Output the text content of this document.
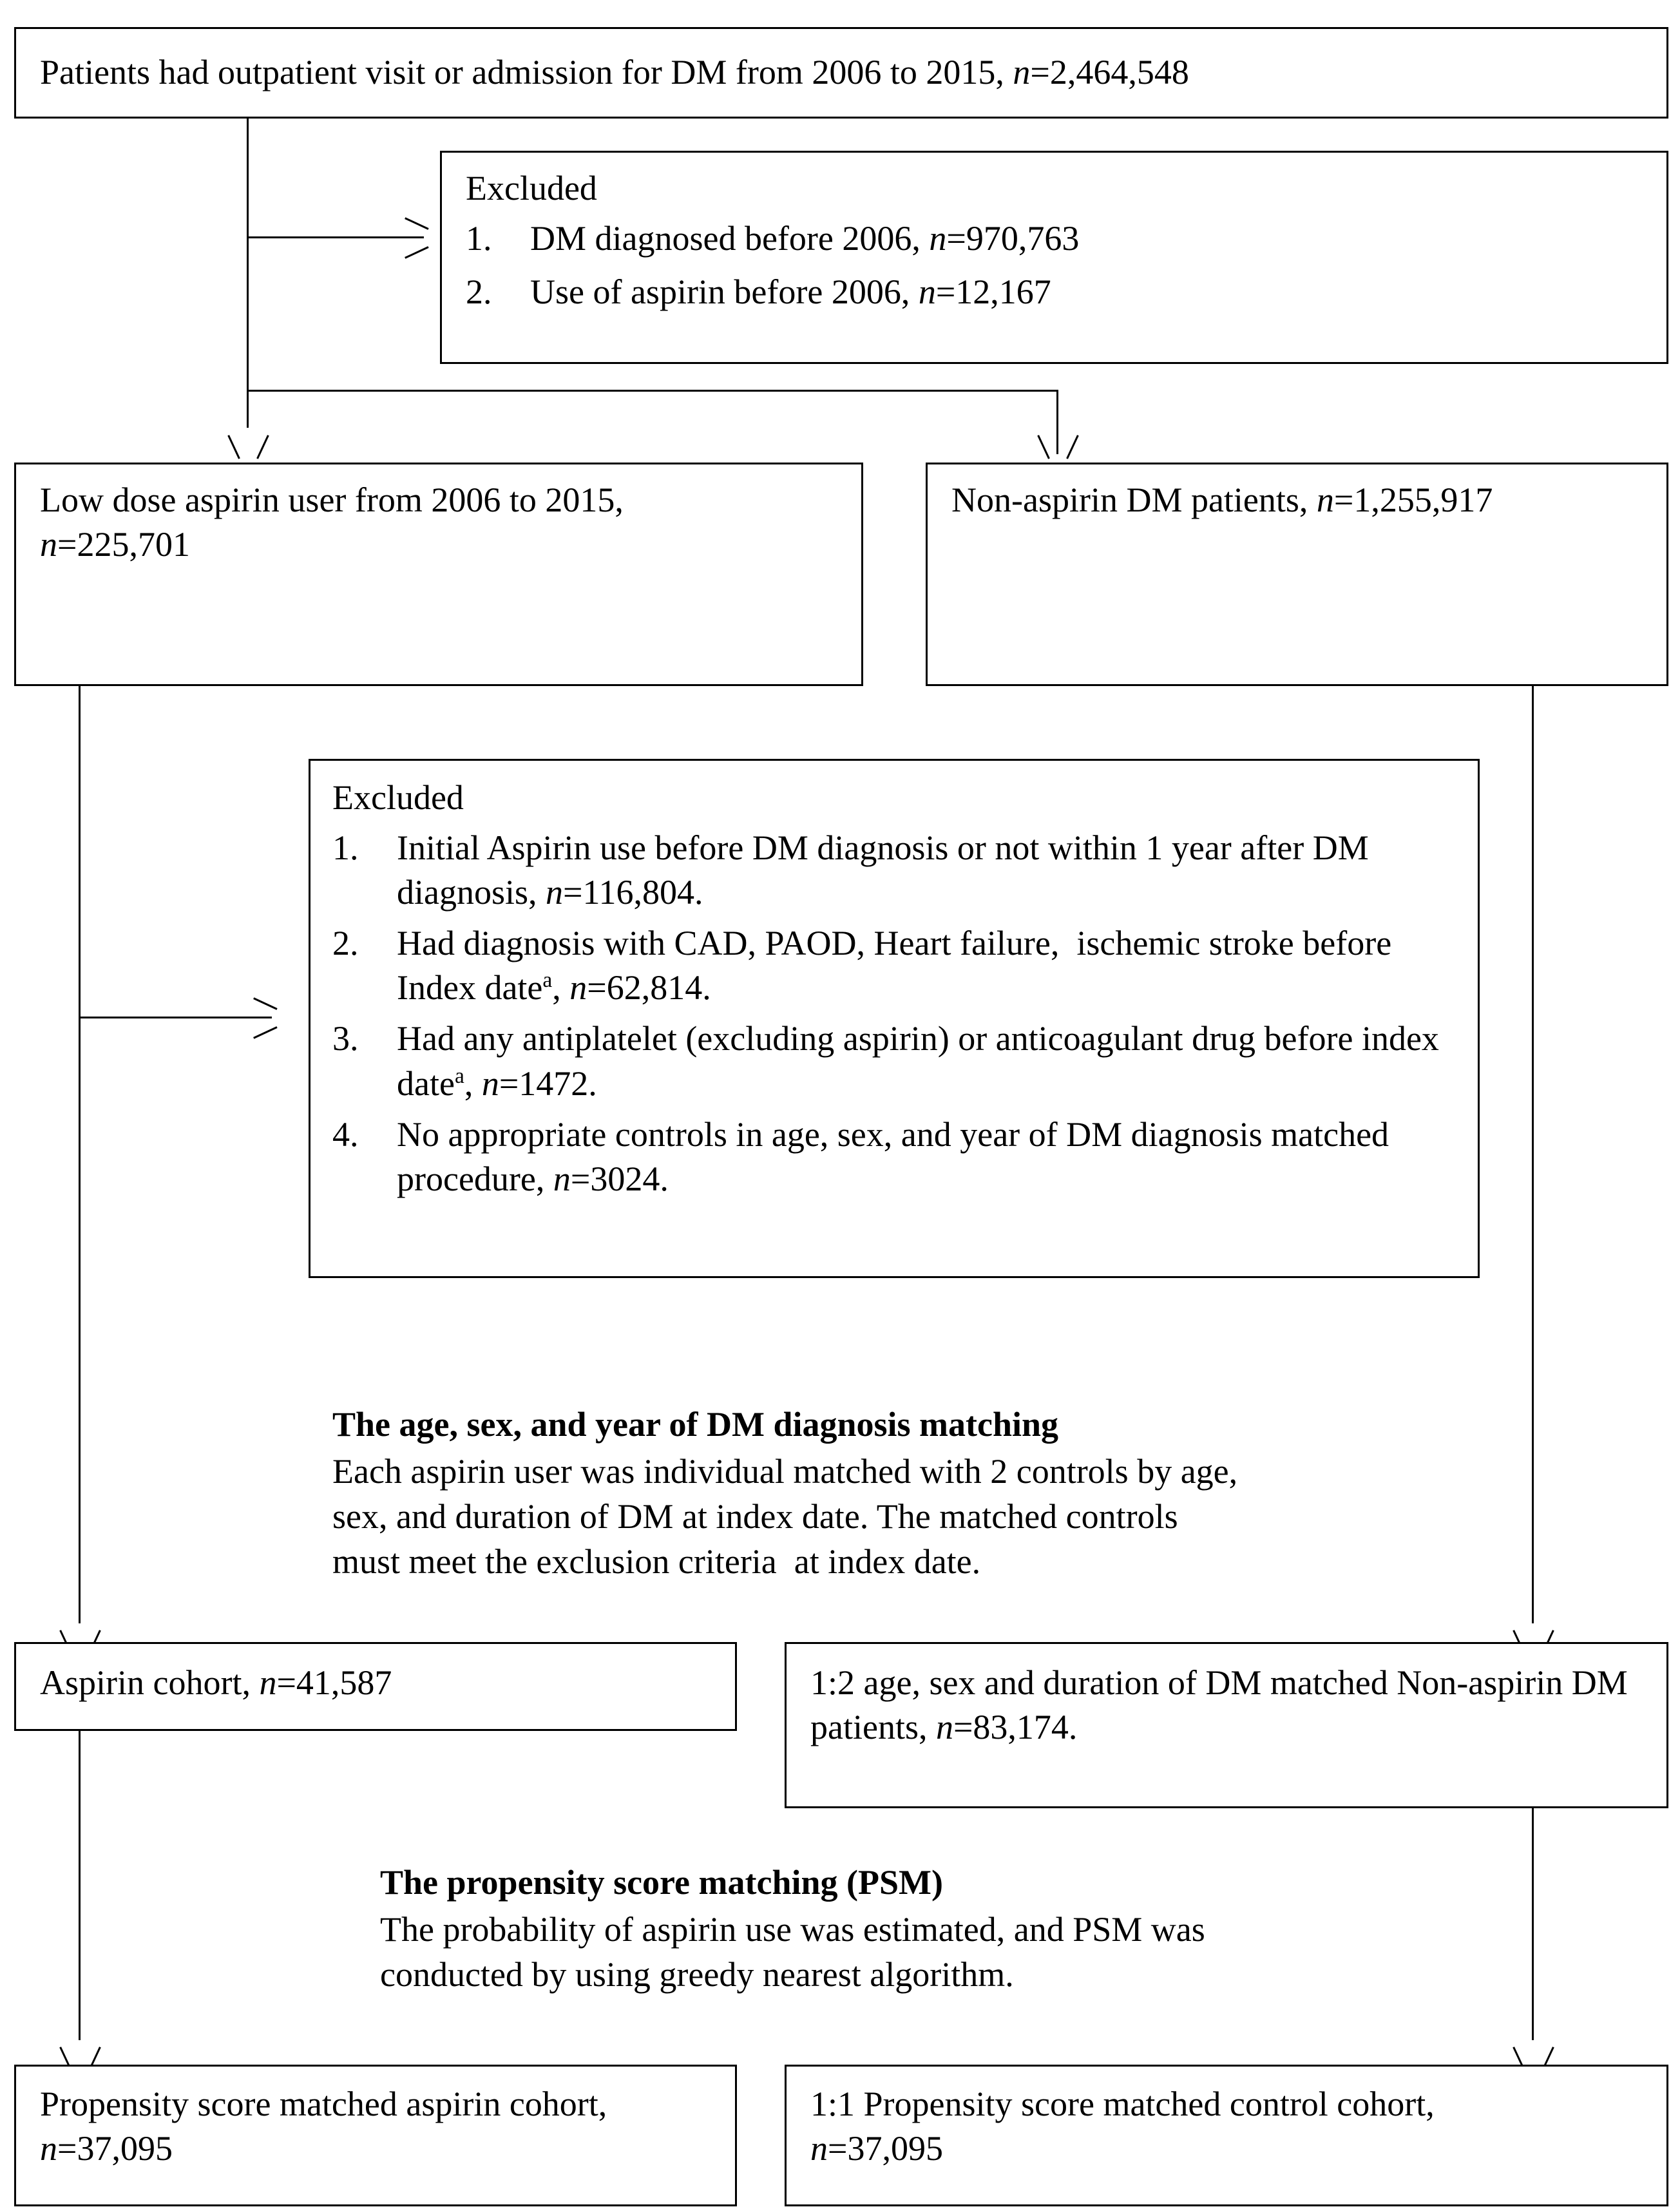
Patients had outpatient visit or admission for DM from 2006 to 2015, n=2,464,548
Excluded
1.	DM diagnosed before 2006, n=970,763
2.	Use of aspirin before 2006, n=12,167
Low dose aspirin user from 2006 to 2015,
n=225,701
Non-aspirin DM patients, n=1,255,917
Excluded
1.	Initial Aspirin use before DM diagnosis or not within 1 year after DM diagnosis, n=116,804.
2.	Had diagnosis with CAD, PAOD, Heart failure,  ischemic stroke before Index date$^a$, n=62,814.
3.	Had any antiplatelet (excluding aspirin) or anticoagulant drug before index date$^a$, n=1472.
4.	No appropriate controls in age, sex, and year of DM diagnosis matched procedure, n=3024.
The age, sex, and year of DM diagnosis matching
Each aspirin user was individual matched with 2 controls by age, sex, and duration of DM at index date. The matched controls must meet the exclusion criteria  at index date.
Aspirin cohort, n=41,587	1:2 age, sex and duration of DM matched Non-aspirin DM patients, n=83,174.
The propensity score matching (PSM)
The probability of aspirin use was estimated, and PSM was conducted by using greedy nearest algorithm.
Propensity score matched aspirin cohort,
n=37,095
1:1 Propensity score matched control cohort,
n=37,095
